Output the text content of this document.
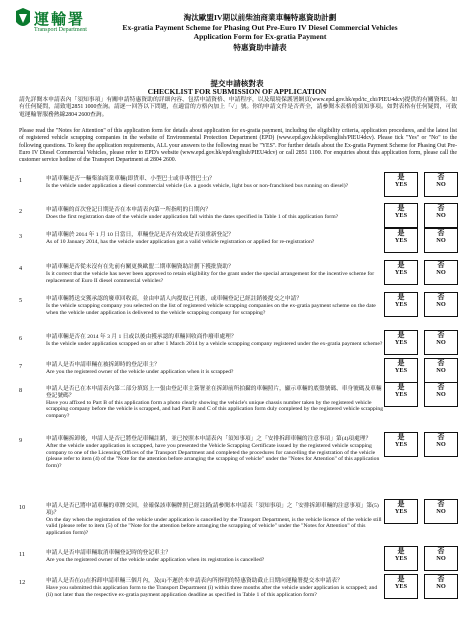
運輸署
Transport Department
淘汰歐盟IV期以前柴油商業車輛特惠資助計劃
Ex-gratia Payment Scheme for Phasing Out Pre-Euro IV Diesel Commercial Vehicles
Application Form for Ex-gratia Payment
特惠資助申請表
提交申請核對表
CHECKLIST FOR SUBMISSION OF APPLICATION
請先詳閱本申請表內「須知事項」有關申請特惠資助的詳細內容、包括申請資格、申請程序，以及環境保護署網頁(www.epd.gov.hk/epd/tc_chi/PIEU4dcv)提供的有關資料。如有任何疑問，請致電2851 1000查詢。請逐一回答以下問題，在適當的方格內加上「✓」號。你的申請文件是否齊全，請參閱本表格的須知事項。如對表格有任何疑問，可致電運輸署服務熱線2804 2600查詢。
Please read the "Notes for Attention" of this application form for details about application for ex-gratia payment, including the eligibility criteria, application procedures, and the latest list of registered vehicle scrapping companies in the website of Environmental Protection Department (EPD) (www.epd.gov.hk/epd/english/PIEU4dcv). Please tick "Yes" or "No" to the following questions. To keep the application requirements, ALL your answers to the following must be "YES". For further details about the Ex-gratia Payment Scheme for Phasing Out Pre-Euro IV Diesel Commercial Vehicles, please refer to EPD's website (www.epd.gov.hk/epd/english/PIEU4dcv) or call 2851 1100. For enquiries about this application form, please call the customer service hotline of the Transport Department at 2804 2600.
1	申請車輛是否一輛柴油商業車輛(即貨車、小型巴士或非專營巴士)？
Is the vehicle under application a diesel commercial vehicle (i.e. a goods vehicle, light bus or non-franchised bus running on diesel)?
是
YES
否
NO
2	申請車輛的首次登記日期是否在本申請表內第一所指明的日期內？
Does the first registration date of the vehicle under application fall within the dates specified in Table 1 of this application form?
是
YES
否
NO
3	申請車輛於 2014 年 1 月 10 日當日，車輛登記是否有效或是否須重新登記？
As of 10 January 2014, has the vehicle under application got a valid vehicle registration or applied for re-registration?
是
YES
否
NO
4	申請車輛是否從未沒有在先前有關更換歐盟二期車輛資助計劃下獲批資助？
Is it correct that the vehicle has never been approved to retain eligibility for the grant under the special arrangement for the incentive scheme for replacement of Euro II diesel commercial vehicles?
是
YES
否
NO
5	申請車輛將送交獲承認的廢車回收商，並由申請人內提取已刊憲，或車輛登記已經註銷後提交之申請？
Is the vehicle scrapping company you selected on the list of registered vehicle scrapping companies on the ex-gratia payment scheme on the date when the vehicle under application is delivered to the vehicle scrapping company for scrapping?
是
YES
否
NO
6	申請車輛是否在 2014 年 3 月 1 日或以後由獲承認的車輛回收商作廢車處理？
Is the vehicle under application scrapped on or after 1 March 2014 by a vehicle scrapping company registered under the ex-gratia payment scheme?
是
YES
否
NO
7	申請人是否申請車輛在被拆卸時的登記車主？
Are you the registered owner of the vehicle under application when it is scrapped?
是
YES
否
NO
8	申請人是否已在本申請表內第二部分填寫上一張由登記車主簽署並在拆卸前所拍攝的車輛照片，顯示車輛的底盤號碼、車身號碼及車輛登記號碼？
Have you affixed to Part B of this application form a photo clearly showing the vehicle's unique chassis number taken by the registered vehicle scrapping company before the vehicle is scrapped, and had Part B and C of this application form duly completed by the registered vehicle scrapping company?
是
YES
否
NO
9	申請車輛拆卸後，申請人是否已將登記車輛註銷，並已按照本申請表內「須知事項」之「安排拆卸車輛的注意事項」第(4)項處理？
After the vehicle under application is scrapped, have you presented the Vehicle Scrapping Certificate issued by the registered vehicle scrapping company to one of the Licensing Offices of the Transport Department and completed the procedures for cancelling the registration of the vehicle (please refer to item (4) of the "Note for the attention before arranging the scrapping of vehicle" under the "Notes for Attention" of this application form)?
是
YES
否
NO
10	申請人是否已將申請車輛的車牌交回，並確保該車輛牌照已經註銷(請參閱本申請表「須知事項」之「安排拆卸車輛的注意事項」第(5)項)？
On the day when the registration of the vehicle under application is cancelled by the Transport Department, is the vehicle licence of the vehicle still valid (please refer to item (5) of the "Note for the attention before arranging the scrapping of vehicle" under the "Notes for Attention" of this application form)?
是
YES
否
NO
11	申請人是否申請車輛取消車輛登記時的登記車主？
Are you the registered owner of the vehicle under application when its registration is cancelled?
是
YES
否
NO
12	申請人是否在(i)在拆卸申請車輛三個月內，及(ii)不遲於本申請表內所指明的特惠資助截止日期向運輸署提交本申請表？
Have you submitted this application form to the Transport Department (i) within three months after the vehicle under application is scrapped; and (ii) not later than the respective ex-gratia payment application deadline as specified in Table 1 of this application form?
是
YES
否
NO
